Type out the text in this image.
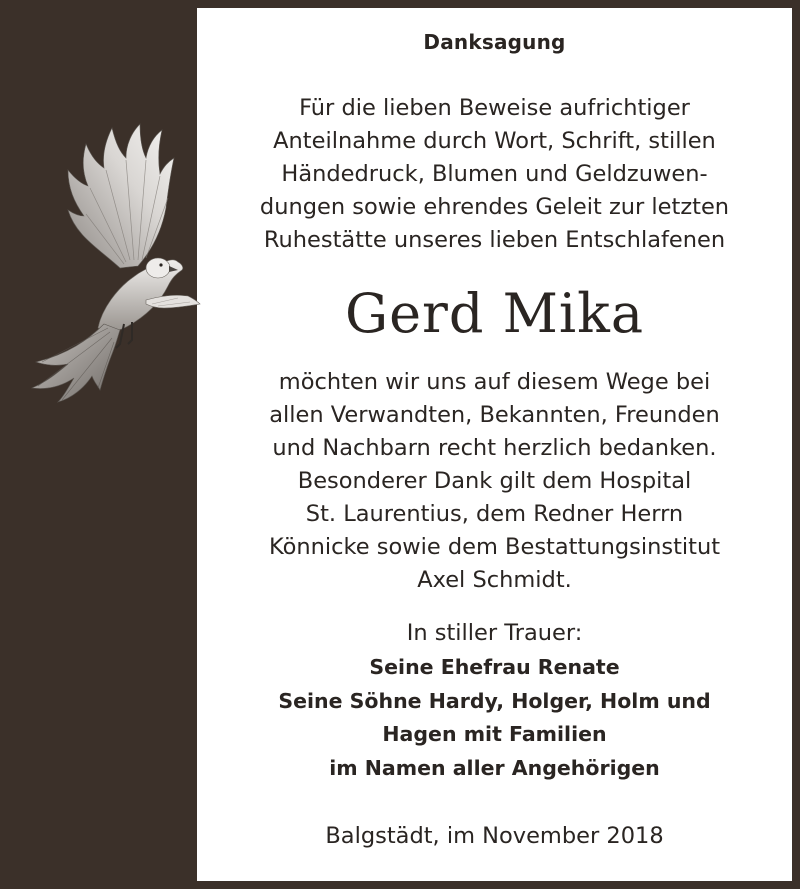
Danksagung

Für die lieben Beweise aufrichtiger
Anteilnahme durch Wort, Schrift, stillen
Händedruck, Blumen und Geldzuwen-
dungen sowie ehrendes Geleit zur letzten
Ruhestätte unseres lieben Entschlafenen

Gerd Mika

möchten wir uns auf diesem Wege bei
allen Verwandten, Bekannten, Freunden
und Nachbarn recht herzlich bedanken.
Besonderer Dank gilt dem Hospital
St. Laurentius, dem Redner Herrn
Könnicke sowie dem Bestattungsinstitut
Axel Schmidt.

In stiller Trauer:
Seine Ehefrau Renate
Seine Söhne Hardy, Holger, Holm und
Hagen mit Familien
im Namen aller Angehörigen
Balgstädt, im November 2018
